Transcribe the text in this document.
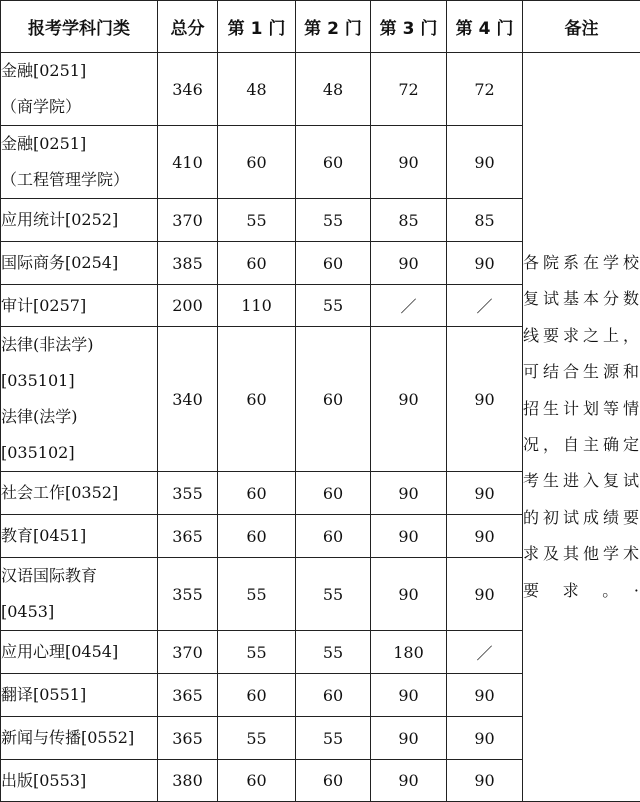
报考学科门类	总分	第 1 门	第 2 门	第 3 门	第 4 门	备注

金融[0251]
（商学院）	346	48	48	72	72	各院系在学校复试基本分数线要求之上，可结合生源和招生计划等情况，自主确定考生进入复试的初试成绩要求及其他学术要求。·

金融[0251]
（工程管理学院）	410	60	60	90	90	

应用统计[0252]	370	55	55	85	85	

国际商务[0254]	385	60	60	90	90	

审计[0257]	200	110	55	／	／	

法律(非法学)
[035101]
法律(法学)
[035102]	340	60	60	90	90	

社会工作[0352]	355	60	60	90	90	

教育[0451]	365	60	60	90	90	

汉语国际教育
[0453]	355	55	55	90	90	

应用心理[0454]	370	55	55	180	／	

翻译[0551]	365	60	60	90	90	

新闻与传播[0552]	365	55	55	90	90	

出版[0553]	380	60	60	90	90	
